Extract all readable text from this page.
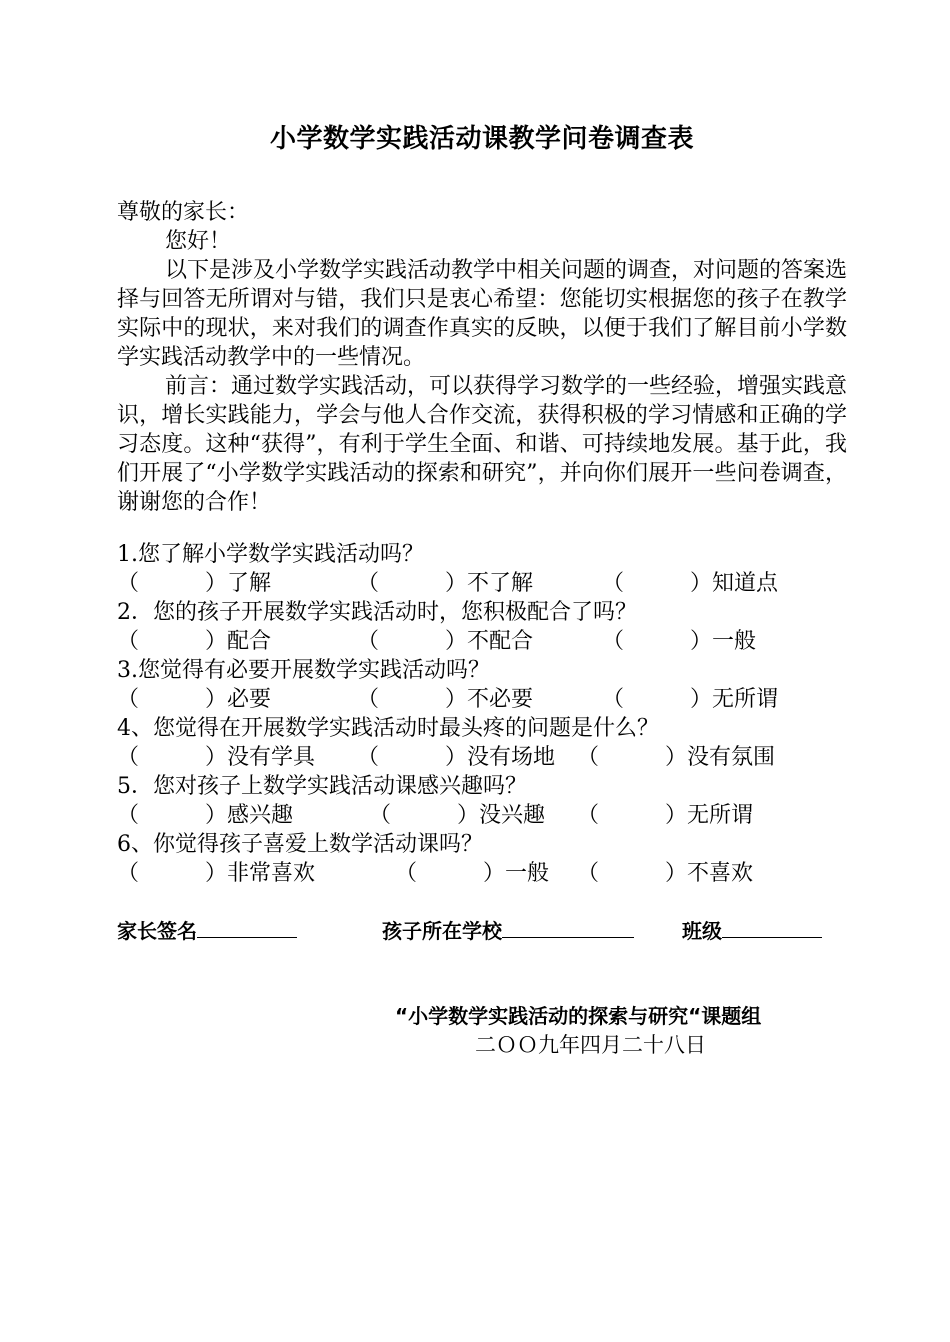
小学数学实践活动课教学问卷调查表

尊敬的家长：

您好！

以下是涉及小学数学实践活动教学中相关问题的调查，对问题的答案选择与回答无所谓对与错，我们只是衷心希望：您能切实根据您的孩子在教学实际中的现状，来对我们的调查作真实的反映，以便于我们了解目前小学数学实践活动教学中的一些情况。

前言：通过数学实践活动，可以获得学习数学的一些经验，增强实践意识，增长实践能力，学会与他人合作交流，获得积极的学习情感和正确的学习态度。这种“获得”，有利于学生全面、和谐、可持续地发展。基于此，我们开展了“小学数学实践活动的探索和研究”，并向你们展开一些问卷调查，谢谢您的合作！

1.您了解小学数学实践活动吗？
（　　　）了解	（　　　）不了解	（　　　）知道点
2．您的孩子开展数学实践活动时，您积极配合了吗？
（　　　）配合	（　　　）不配合	（　　　）一般
3.您觉得有必要开展数学实践活动吗？
（　　　）必要	（　　　）不必要	（　　　）无所谓
4、您觉得在开展数学实践活动时最头疼的问题是什么？
（　　　）没有学具 （　　　）没有场地 （　　　）没有氛围
5．您对孩子上数学实践活动课感兴趣吗？
（　　　）感兴趣	（　　　）没兴趣 （　　　）无所谓
6、你觉得孩子喜爱上数学活动课吗？
（　　　）非常喜欢	（　　　）一般 （　　　）不喜欢
家长签名	孩子所在学校	班级
“小学数学实践活动的探索与研究“课题组
二ＯＯ九年四月二十八日
